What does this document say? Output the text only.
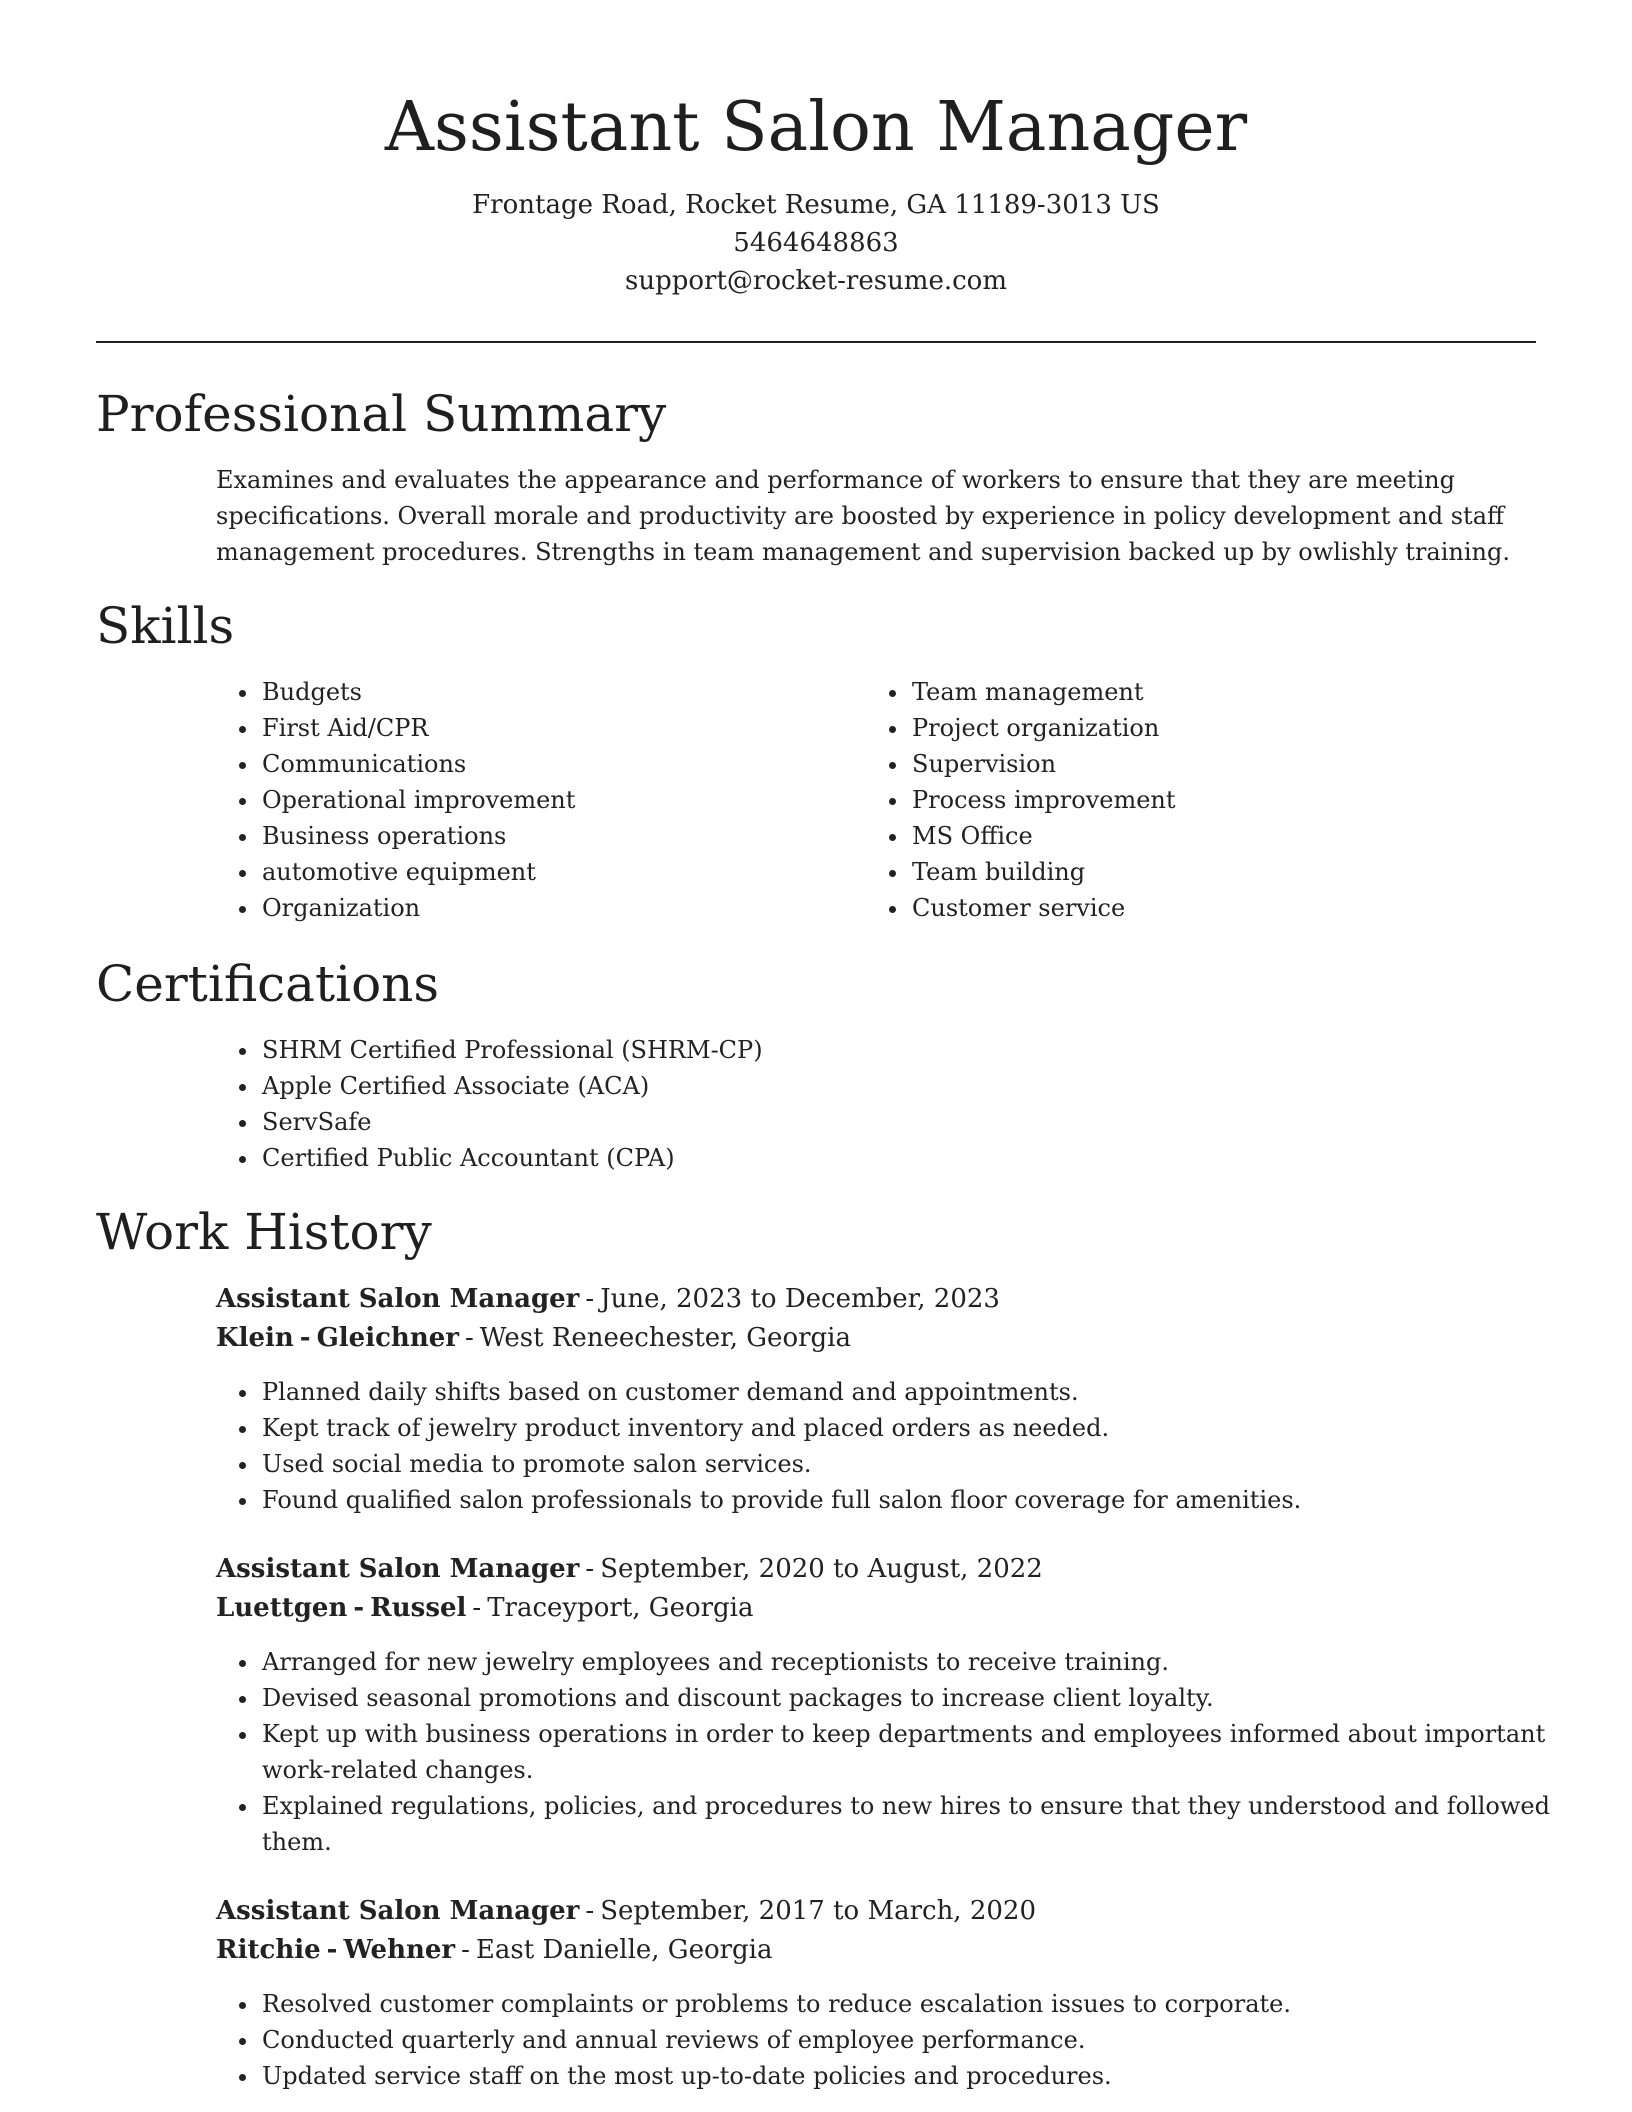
Assistant Salon Manager
Frontage Road, Rocket Resume, GA 11189-3013 US
5464648863
support@rocket-resume.com
Professional Summary

Examines and evaluates the appearance and performance of workers to ensure that they are meeting specifications. Overall morale and productivity are boosted by experience in policy development and staff management procedures. Strengths in team management and supervision backed up by owlishly training.

Skills
• Budgets
• First Aid/CPR
• Communications
• Operational improvement
• Business operations
• automotive equipment
• Organization
• Team management
• Project organization
• Supervision
• Process improvement
• MS Office
• Team building
• Customer service
Certifications
• SHRM Certified Professional (SHRM-CP)
• Apple Certified Associate (ACA)
• ServSafe
• Certified Public Accountant (CPA)
Work History
Assistant Salon Manager - June, 2023 to December, 2023
Klein - Gleichner - West Reneechester, Georgia
• Planned daily shifts based on customer demand and appointments.
• Kept track of jewelry product inventory and placed orders as needed.
• Used social media to promote salon services.
• Found qualified salon professionals to provide full salon floor coverage for amenities.
Assistant Salon Manager - September, 2020 to August, 2022
Luettgen - Russel - Traceyport, Georgia
• Arranged for new jewelry employees and receptionists to receive training.
• Devised seasonal promotions and discount packages to increase client loyalty.
• Kept up with business operations in order to keep departments and employees informed about important work-related changes.
• Explained regulations, policies, and procedures to new hires to ensure that they understood and followed them.
Assistant Salon Manager - September, 2017 to March, 2020
Ritchie - Wehner - East Danielle, Georgia
• Resolved customer complaints or problems to reduce escalation issues to corporate.
• Conducted quarterly and annual reviews of employee performance.
• Updated service staff on the most up-to-date policies and procedures.
